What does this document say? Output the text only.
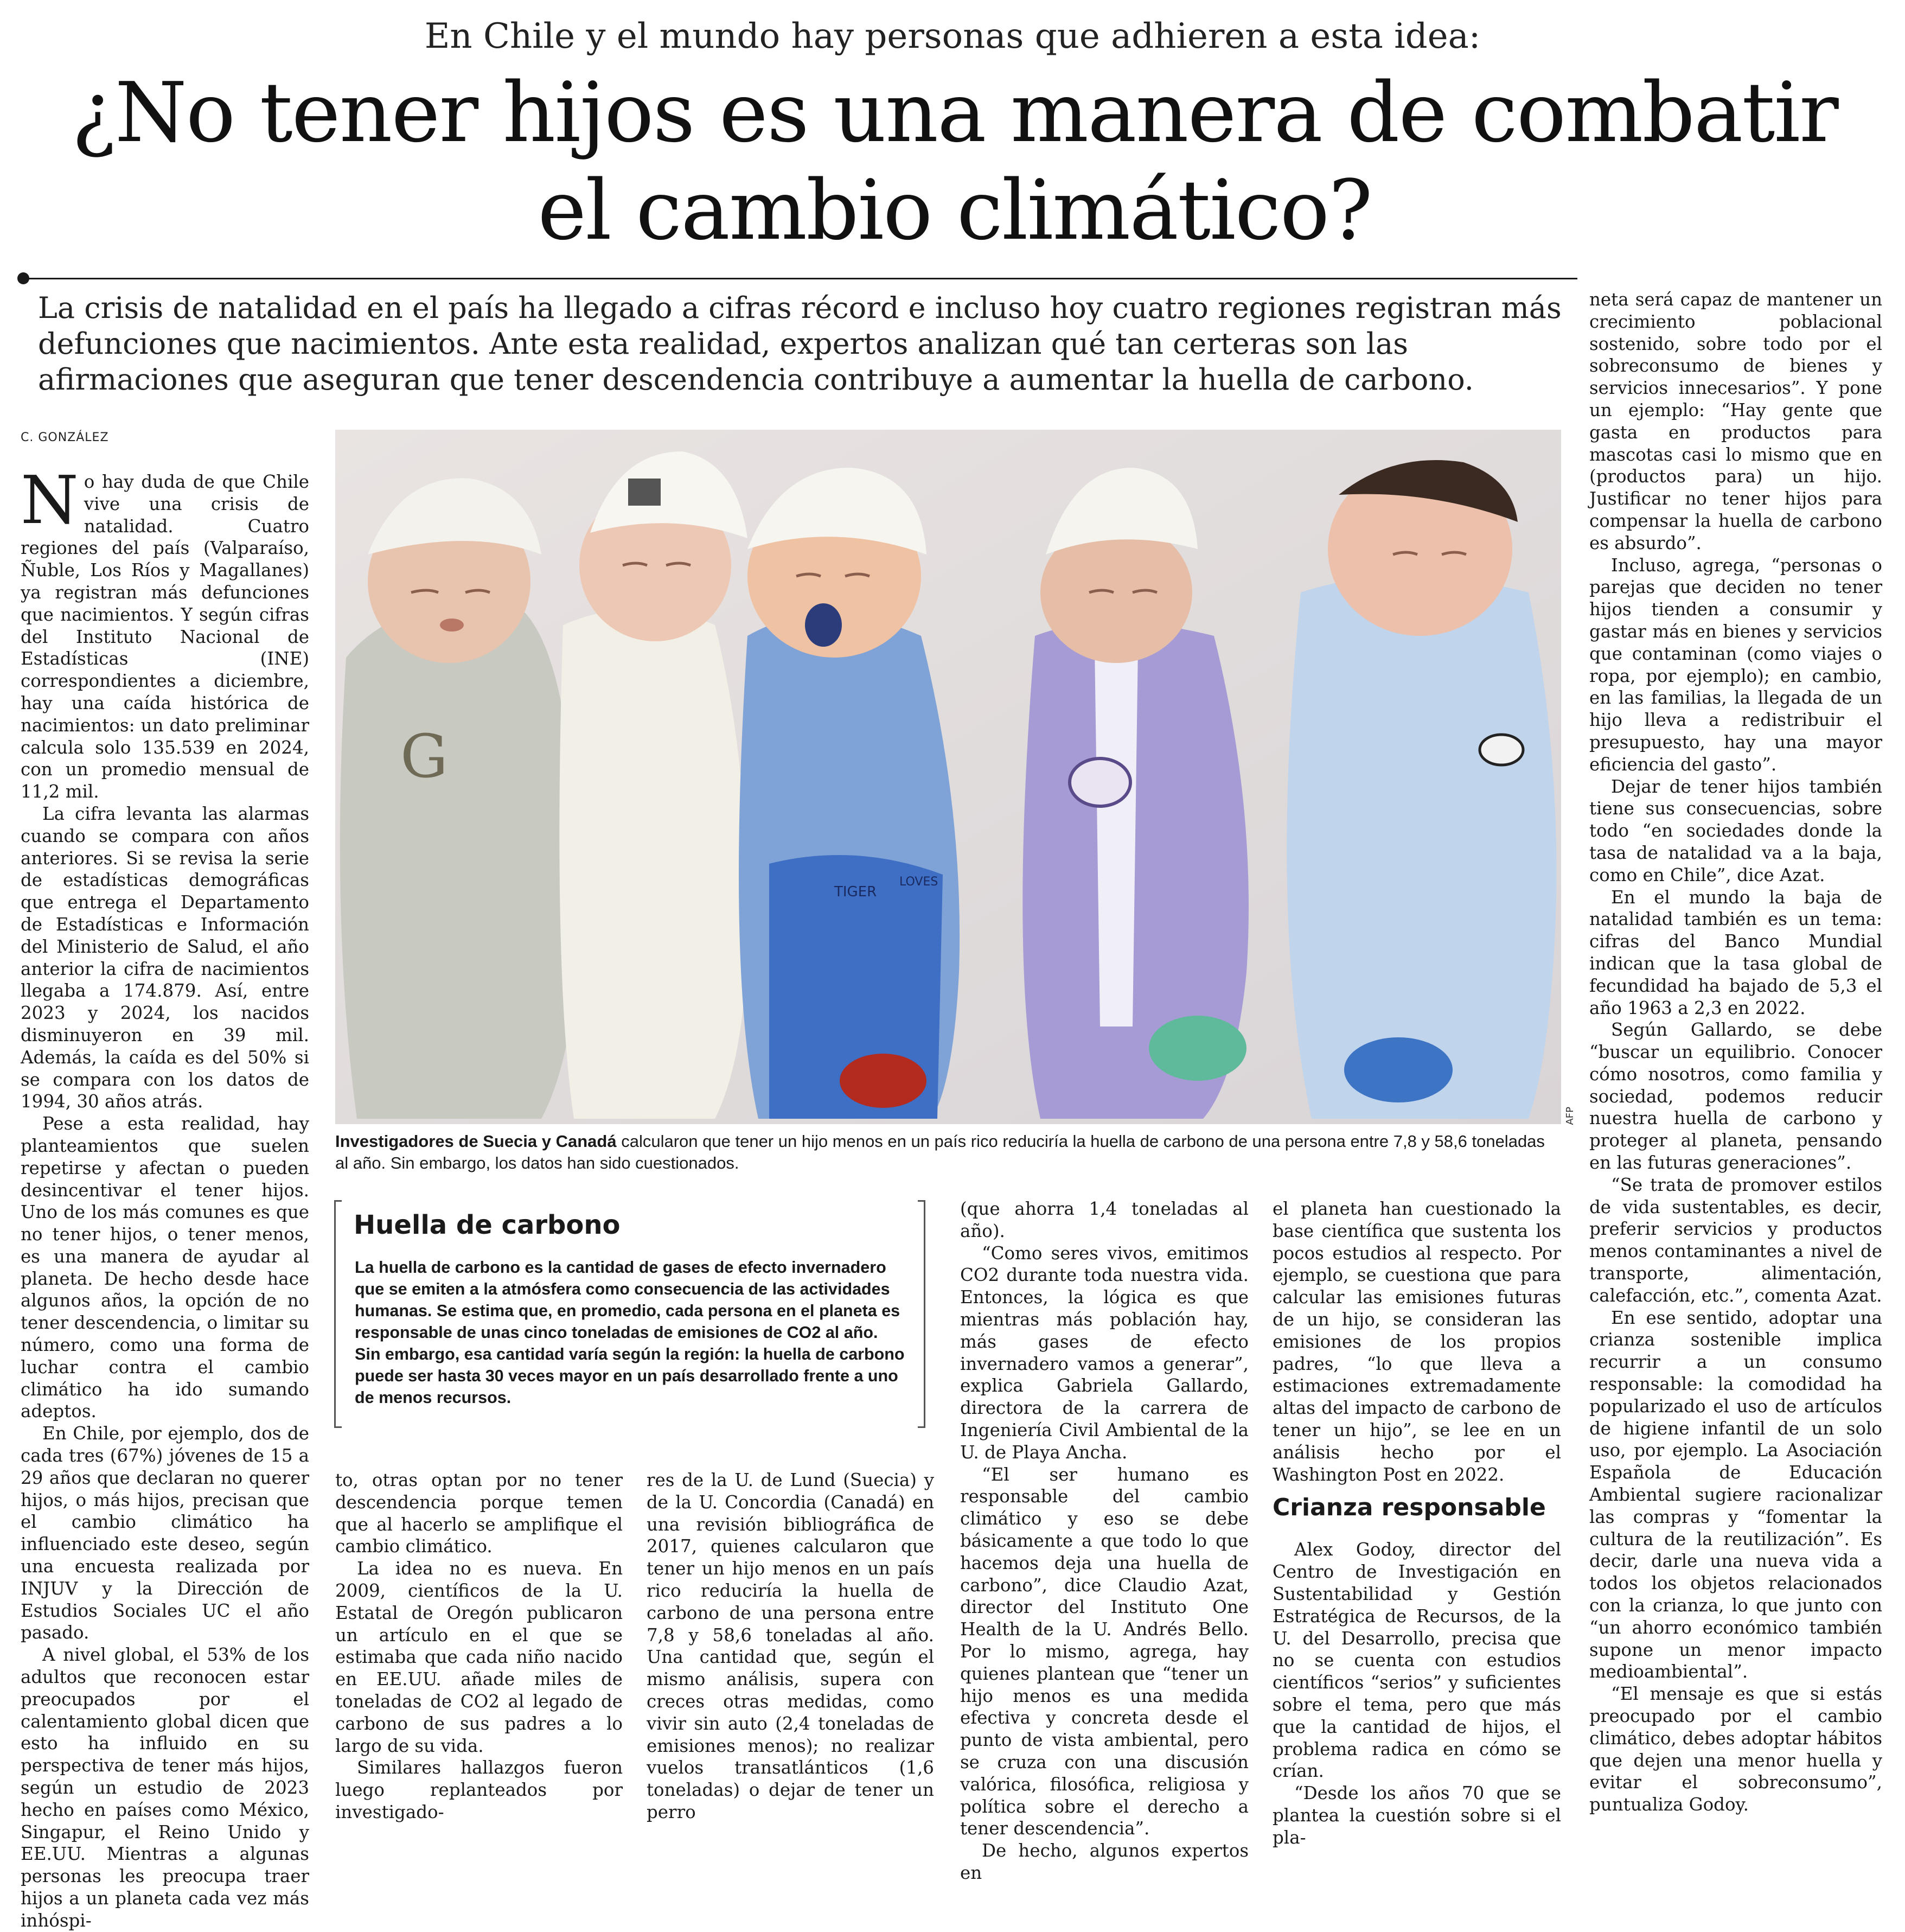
En Chile y el mundo hay personas que adhieren a esta idea:
¿No tener hijos es una manera de combatir
el cambio climático?
La crisis de natalidad en el país ha llegado a cifras récord e incluso hoy cuatro regiones registran más defunciones que nacimientos. Ante esta realidad, expertos analizan qué tan certeras son las afirmaciones que aseguran que tener descendencia contribuye a aumentar la huella de carbono.
C. GONZÁLEZ

No hay duda de que Chile vive una crisis de natalidad. Cuatro regiones del país (Valparaíso, Ñuble, Los Ríos y Magallanes) ya registran más defunciones que nacimientos. Y según cifras del Instituto Nacional de Estadísticas (INE) correspondientes a diciembre, hay una caída histórica de nacimientos: un dato preliminar calcula solo 135.539 en 2024, con un promedio mensual de 11,2 mil.

La cifra levanta las alarmas cuando se compara con años anteriores. Si se revisa la serie de estadísticas demográficas que entrega el Departamento de Estadísticas e Información del Ministerio de Salud, el año anterior la cifra de nacimientos llegaba a 174.879. Así, entre 2023 y 2024, los nacidos disminuyeron en 39 mil. Además, la caída es del 50% si se compara con los datos de 1994, 30 años atrás.

Pese a esta realidad, hay planteamientos que suelen repetirse y afectan o pueden desincentivar el tener hijos. Uno de los más comunes es que no tener hijos, o tener menos, es una manera de ayudar al planeta. De hecho desde hace algunos años, la opción de no tener descendencia, o limitar su número, como una forma de luchar contra el cambio climático ha ido sumando adeptos.

En Chile, por ejemplo, dos de cada tres (67%) jóvenes de 15 a 29 años que declaran no querer hijos, o más hijos, precisan que el cambio climático ha influenciado este deseo, según una encuesta realizada por INJUV y la Dirección de Estudios Sociales UC el año pasado.

A nivel global, el 53% de los adultos que reconocen estar preocupados por el calentamiento global dicen que esto ha influido en su perspectiva de tener más hijos, según un estudio de 2023 hecho en países como México, Singapur, el Reino Unido y EE.UU. Mientras a algunas personas les preocupa traer hijos a un planeta cada vez más inhóspi-

G
TIGER
LOVES
AFP
Investigadores de Suecia y Canadá calcularon que tener un hijo menos en un país rico reduciría la huella de carbono de una persona entre 7,8 y 58,6 toneladas al año. Sin embargo, los datos han sido cuestionados.
Huella de carbono
La huella de carbono es la cantidad de gases de efecto invernadero que se emiten a la atmósfera como consecuencia de las actividades humanas. Se estima que, en promedio, cada persona en el planeta es responsable de unas cinco toneladas de emisiones de CO2 al año. Sin embargo, esa cantidad varía según la región: la huella de carbono puede ser hasta 30 veces mayor en un país desarrollado frente a uno de menos recursos.

to, otras optan por no tener descendencia porque temen que al hacerlo se amplifique el cambio climático.

La idea no es nueva. En 2009, científicos de la U. Estatal de Oregón publicaron un artículo en el que se estimaba que cada niño nacido en EE.UU. añade miles de toneladas de CO2 al legado de carbono de sus padres a lo largo de su vida.

Similares hallazgos fueron luego replanteados por investigado-

res de la U. de Lund (Suecia) y de la U. Concordia (Canadá) en una revisión bibliográfica de 2017, quienes calcularon que tener un hijo menos en un país rico reduciría la huella de carbono de una persona entre 7,8 y 58,6 toneladas al año. Una cantidad que, según el mismo análisis, supera con creces otras medidas, como vivir sin auto (2,4 toneladas de emisiones menos); no realizar vuelos transatlánticos (1,6 toneladas) o dejar de tener un perro

(que ahorra 1,4 toneladas al año).

“Como seres vivos, emitimos CO2 durante toda nuestra vida. Entonces, la lógica es que mientras más población hay, más gases de efecto invernadero vamos a generar”, explica Gabriela Gallardo, directora de la carrera de Ingeniería Civil Ambiental de la U. de Playa Ancha.

“El ser humano es responsable del cambio climático y eso se debe básicamente a que todo lo que hacemos deja una huella de carbono”, dice Claudio Azat, director del Instituto One Health de la U. Andrés Bello. Por lo mismo, agrega, hay quienes plantean que “tener un hijo menos es una medida efectiva y concreta desde el punto de vista ambiental, pero se cruza con una discusión valórica, filosófica, religiosa y política sobre el derecho a tener descendencia”.

De hecho, algunos expertos en

el planeta han cuestionado la base científica que sustenta los pocos estudios al respecto. Por ejemplo, se cuestiona que para calcular las emisiones futuras de un hijo, se consideran las emisiones de los propios padres, “lo que lleva a estimaciones extremadamente altas del impacto de carbono de tener un hijo”, se lee en un análisis hecho por el Washington Post en 2022.

Crianza responsable

Alex Godoy, director del Centro de Investigación en Sustentabilidad y Gestión Estratégica de Recursos, de la U. del Desarrollo, precisa que no se cuenta con estudios científicos “serios” y suficientes sobre el tema, pero que más que la cantidad de hijos, el problema radica en cómo se crían.

“Desde los años 70 que se plantea la cuestión sobre si el pla-

neta será capaz de mantener un crecimiento poblacional sostenido, sobre todo por el sobreconsumo de bienes y servicios innecesarios”. Y pone un ejemplo: “Hay gente que gasta en productos para mascotas casi lo mismo que en (productos para) un hijo. Justificar no tener hijos para compensar la huella de carbono es absurdo”.

Incluso, agrega, “personas o parejas que deciden no tener hijos tienden a consumir y gastar más en bienes y servicios que contaminan (como viajes o ropa, por ejemplo); en cambio, en las familias, la llegada de un hijo lleva a redistribuir el presupuesto, hay una mayor eficiencia del gasto”.

Dejar de tener hijos también tiene sus consecuencias, sobre todo “en sociedades donde la tasa de natalidad va a la baja, como en Chile”, dice Azat.

En el mundo la baja de natalidad también es un tema: cifras del Banco Mundial indican que la tasa global de fecundidad ha bajado de 5,3 el año 1963 a 2,3 en 2022.

Según Gallardo, se debe “buscar un equilibrio. Conocer cómo nosotros, como familia y sociedad, podemos reducir nuestra huella de carbono y proteger al planeta, pensando en las futuras generaciones”.

“Se trata de promover estilos de vida sustentables, es decir, preferir servicios y productos menos contaminantes a nivel de transporte, alimentación, calefacción, etc.”, comenta Azat.

En ese sentido, adoptar una crianza sostenible implica recurrir a un consumo responsable: la comodidad ha popularizado el uso de artículos de higiene infantil de un solo uso, por ejemplo. La Asociación Española de Educación Ambiental sugiere racionalizar las compras y “fomentar la cultura de la reutilización”. Es decir, darle una nueva vida a todos los objetos relacionados con la crianza, lo que junto con “un ahorro económico también supone un menor impacto medioambiental”.

“El mensaje es que si estás preocupado por el cambio climático, debes adoptar hábitos que dejen una menor huella y evitar el sobreconsumo”, puntualiza Godoy.
